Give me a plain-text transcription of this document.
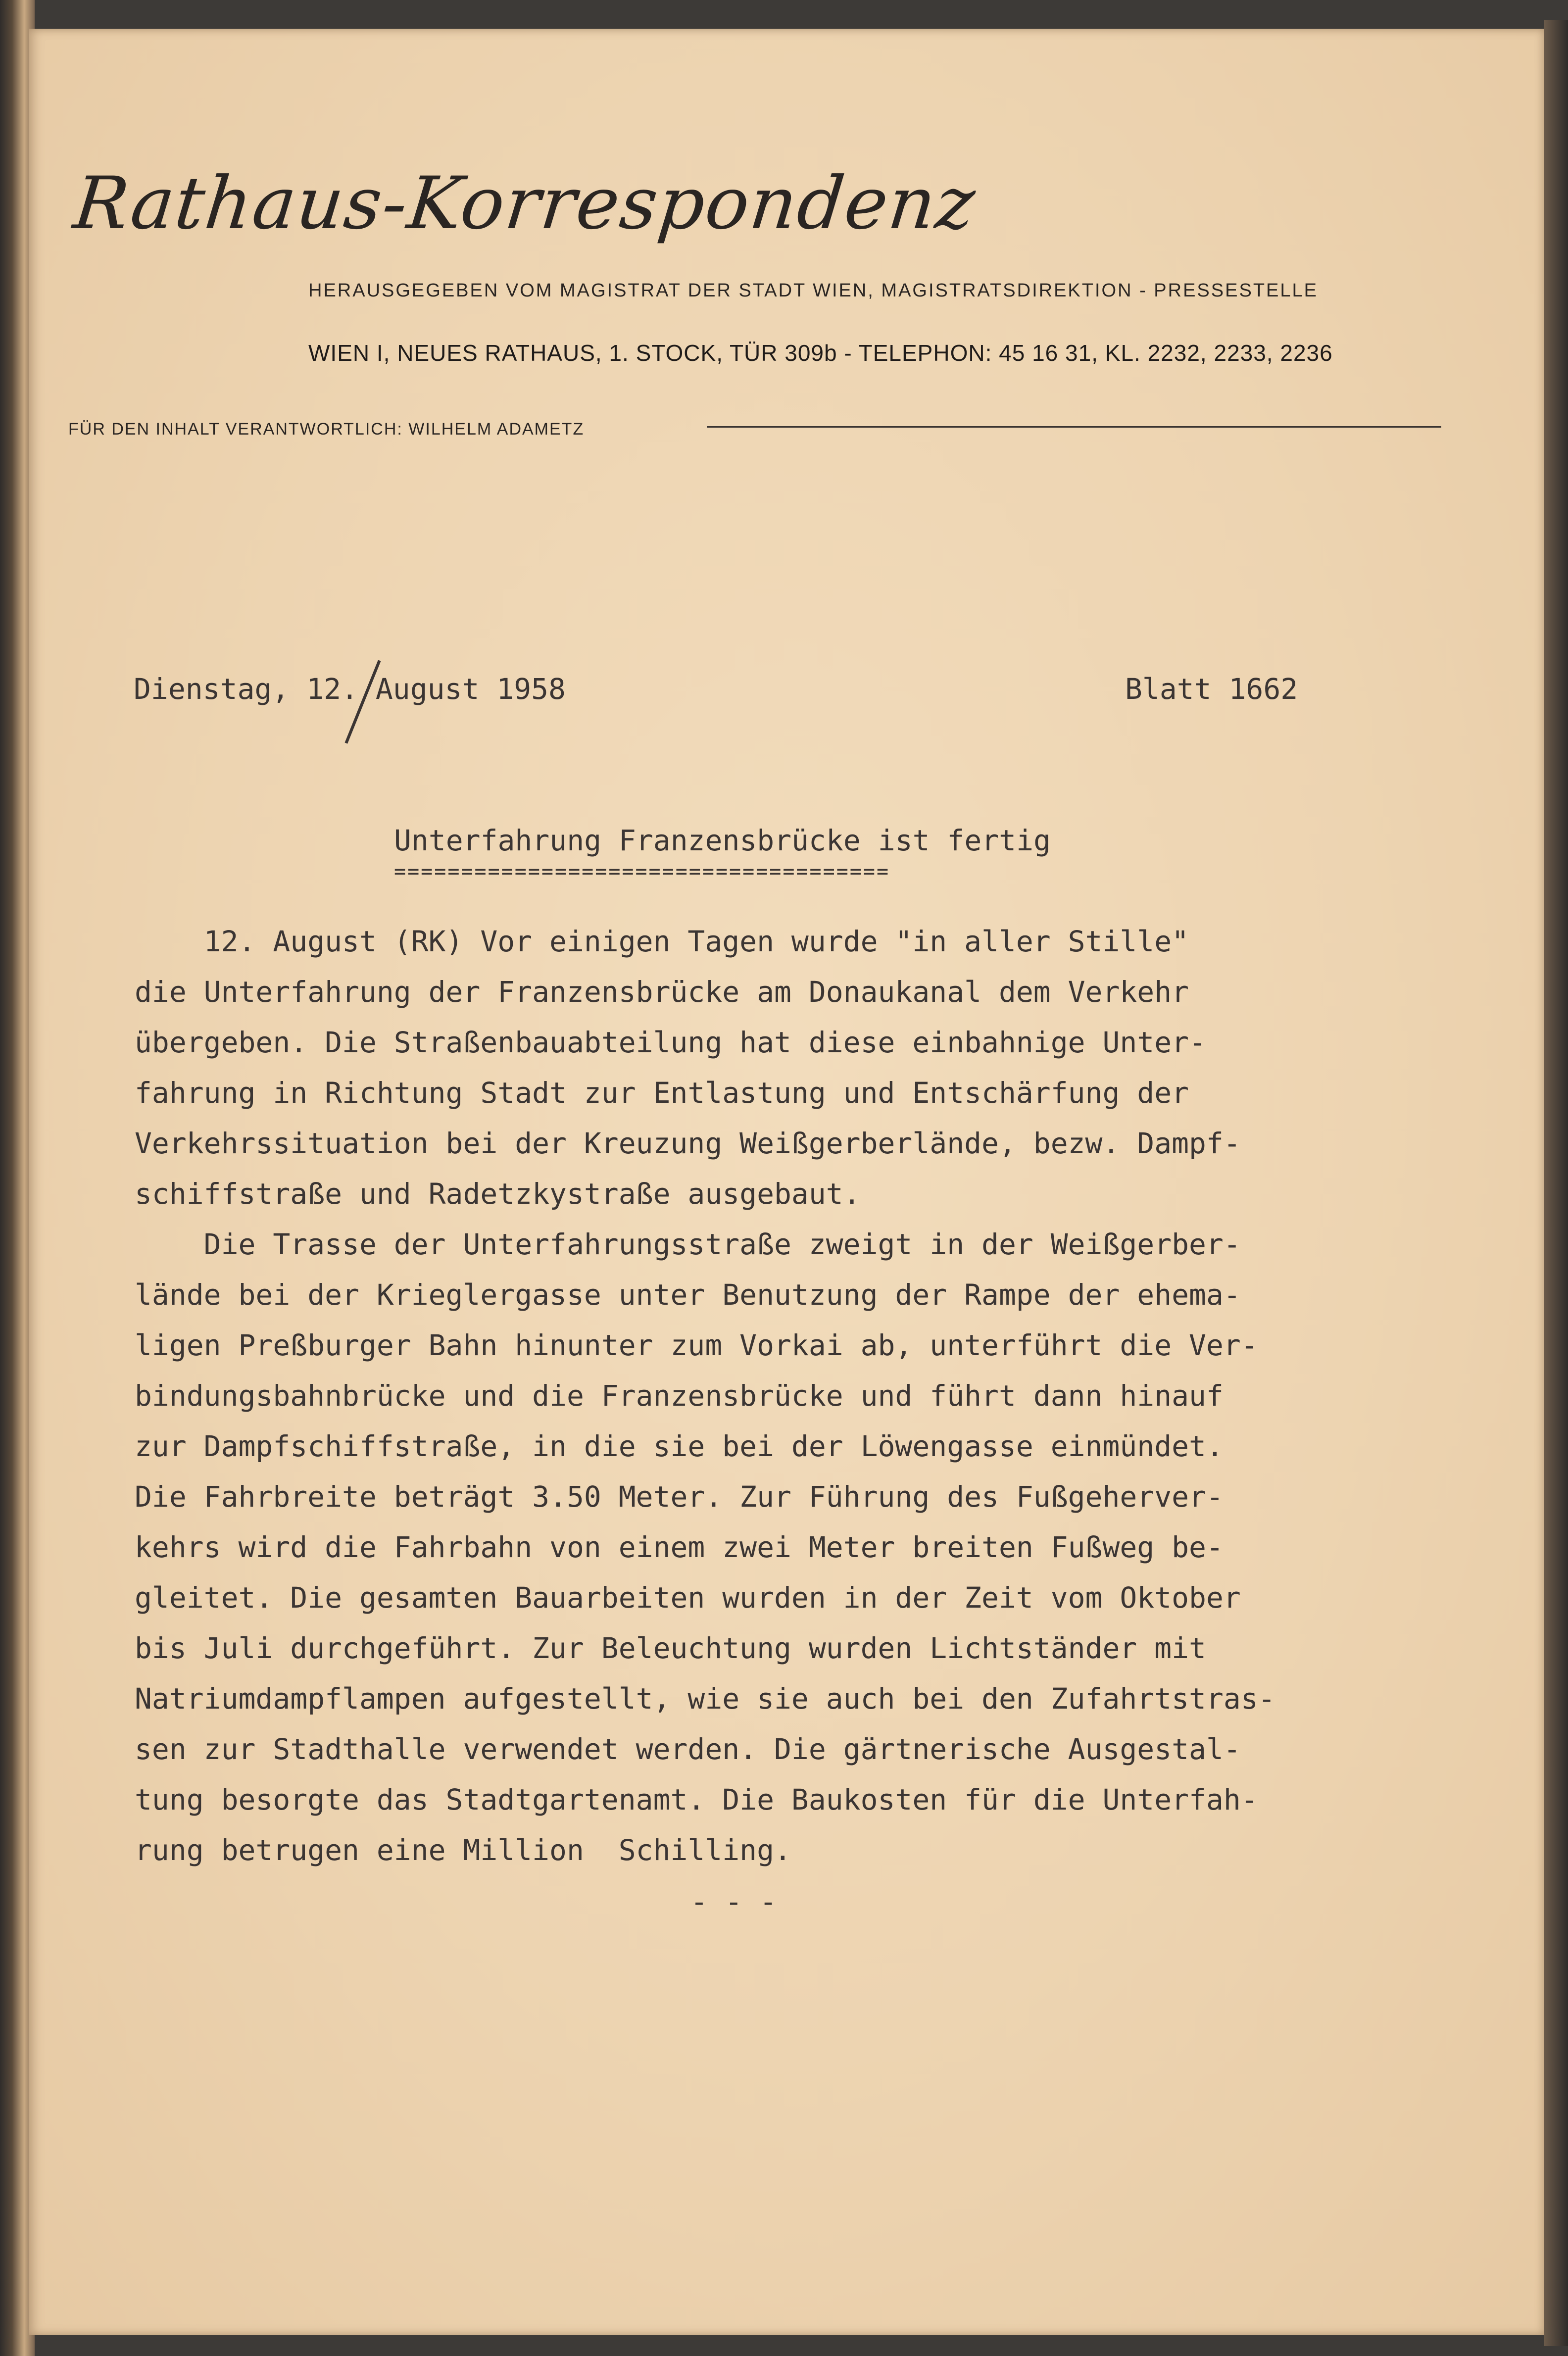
Rathaus-Korrespondenz
HERAUSGEGEBEN VOM MAGISTRAT DER STADT WIEN, MAGISTRATSDIREKTION - PRESSESTELLE
WIEN I, NEUES RATHAUS, 1. STOCK, TÜR 309b - TELEPHON: 45 16 31, KL. 2232, 2233, 2236
FÜR DEN INHALT VERANTWORTLICH: WILHELM ADAMETZ
Dienstag, 12. August 1958	Blatt 1662
Unterfahrung Franzensbrücke ist fertig
=====================================
12. August (RK) Vor einigen Tagen wurde "in aller Stille"
die Unterfahrung der Franzensbrücke am Donaukanal dem Verkehr
übergeben. Die Straßenbauabteilung hat diese einbahnige Unter-
fahrung in Richtung Stadt zur Entlastung und Entschärfung der
Verkehrssituation bei der Kreuzung Weißgerberlände, bezw. Dampf-
schiffstraße und Radetzkystraße ausgebaut.
Die Trasse der Unterfahrungsstraße zweigt in der Weißgerber-
lände bei der Krieglergasse unter Benutzung der Rampe der ehema-
ligen Preßburger Bahn hinunter zum Vorkai ab, unterführt die Ver-
bindungsbahnbrücke und die Franzensbrücke und führt dann hinauf
zur Dampfschiffstraße, in die sie bei der Löwengasse einmündet.
Die Fahrbreite beträgt 3.50 Meter. Zur Führung des Fußgeherver-
kehrs wird die Fahrbahn von einem zwei Meter breiten Fußweg be-
gleitet. Die gesamten Bauarbeiten wurden in der Zeit vom Oktober
bis Juli durchgeführt. Zur Beleuchtung wurden Lichtständer mit
Natriumdampflampen aufgestellt, wie sie auch bei den Zufahrtstras-
sen zur Stadthalle verwendet werden. Die gärtnerische Ausgestal-
tung besorgte das Stadtgartenamt. Die Baukosten für die Unterfah-
rung betrugen eine Million  Schilling.
- - -
